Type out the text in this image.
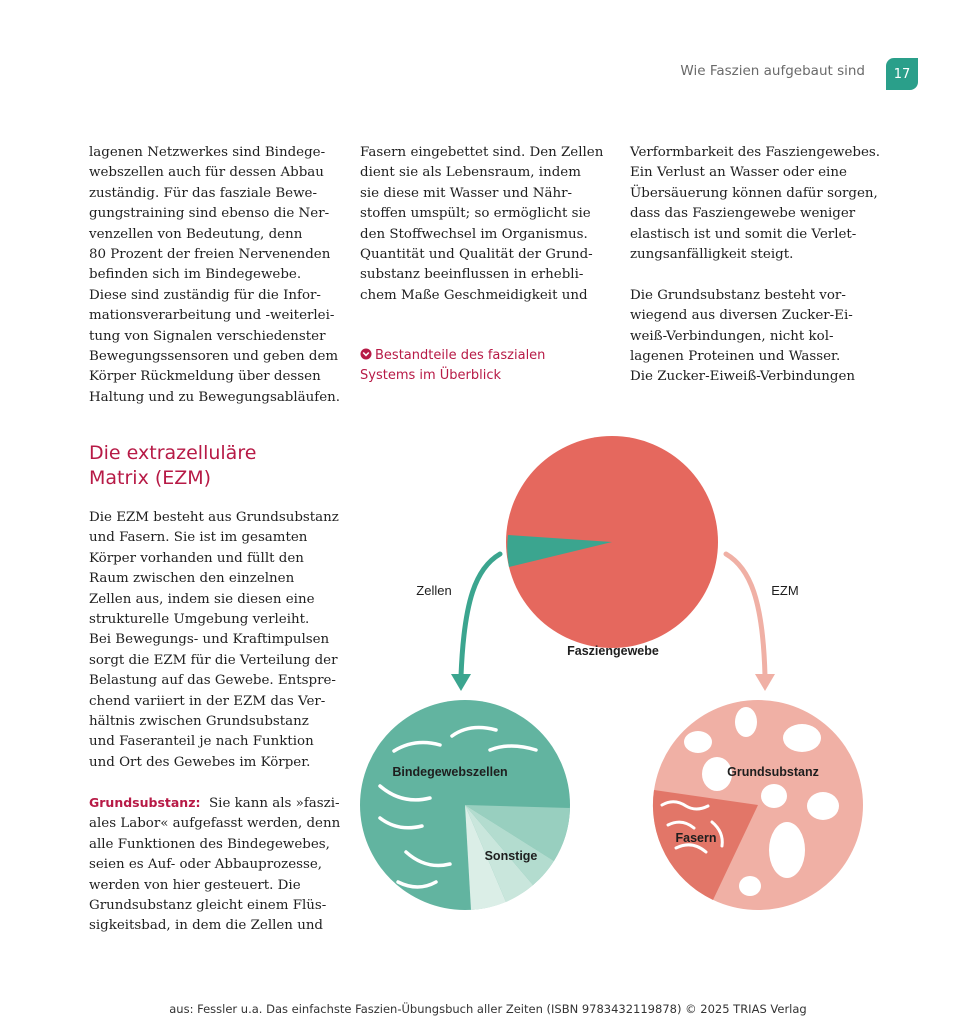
Wie Faszien aufgebaut sind	17
lagenen Netzwerkes sind Bindege-
webszellen auch für dessen Abbau
zuständig. Für das fasziale Bewe-
gungstraining sind ebenso die Ner-
venzellen von Bedeutung, denn
80 Prozent der freien Nervenenden
befinden sich im Bindegewebe.
Diese sind zuständig für die Infor-
mationsverarbeitung und -weiterlei-
tung von Signalen verschiedenster
Bewegungssensoren und geben dem
Körper Rückmeldung über dessen
Haltung und zu Bewegungsabläufen.
Die extrazelluläre
Matrix (EZM)
Die EZM besteht aus Grundsubstanz
und Fasern. Sie ist im gesamten
Körper vorhanden und füllt den
Raum zwischen den einzelnen
Zellen aus, indem sie diesen eine
strukturelle Umgebung verleiht.
Bei Bewegungs- und Kraftimpulsen
sorgt die EZM für die Verteilung der
Belastung auf das Gewebe. Entspre-
chend variiert in der EZM das Ver-
hältnis zwischen Grundsubstanz
und Faseranteil je nach Funktion
und Ort des Gewebes im Körper.
Grundsubstanz: Sie kann als »faszi-
ales Labor« aufgefasst werden, denn
alle Funktionen des Bindegewebes,
seien es Auf- oder Abbauprozesse,
werden von hier gesteuert. Die
Grundsubstanz gleicht einem Flüs-
sigkeitsbad, in dem die Zellen und
Fasern eingebettet sind. Den Zellen
dient sie als Lebensraum, indem
sie diese mit Wasser und Nähr-
stoffen umspült; so ermöglicht sie
den Stoffwechsel im Organismus.
Quantität und Qualität der Grund-
substanz beeinflussen in erhebli-
chem Maße Geschmeidigkeit und
Bestandteile des faszialen
Systems im Überblick
Verformbarkeit des Fasziengewebes.
Ein Verlust an Wasser oder eine
Übersäuerung können dafür sorgen,
dass das Fasziengewebe weniger
elastisch ist und somit die Verlet-
zungsanfälligkeit steigt.
Die Grundsubstanz besteht vor-
wiegend aus diversen Zucker-Ei-
weiß-Verbindungen, nicht kol-
lagenen Proteinen und Wasser.
Die Zucker-Eiweiß-Verbindungen
Fasziengewebe
Zellen	EZM
Bindegewebszellen
Sonstige
Grundsubstanz
Fasern
aus: Fessler u.a. Das einfachste Faszien-Übungsbuch aller Zeiten (ISBN 9783432119878) © 2025 TRIAS Verlag
